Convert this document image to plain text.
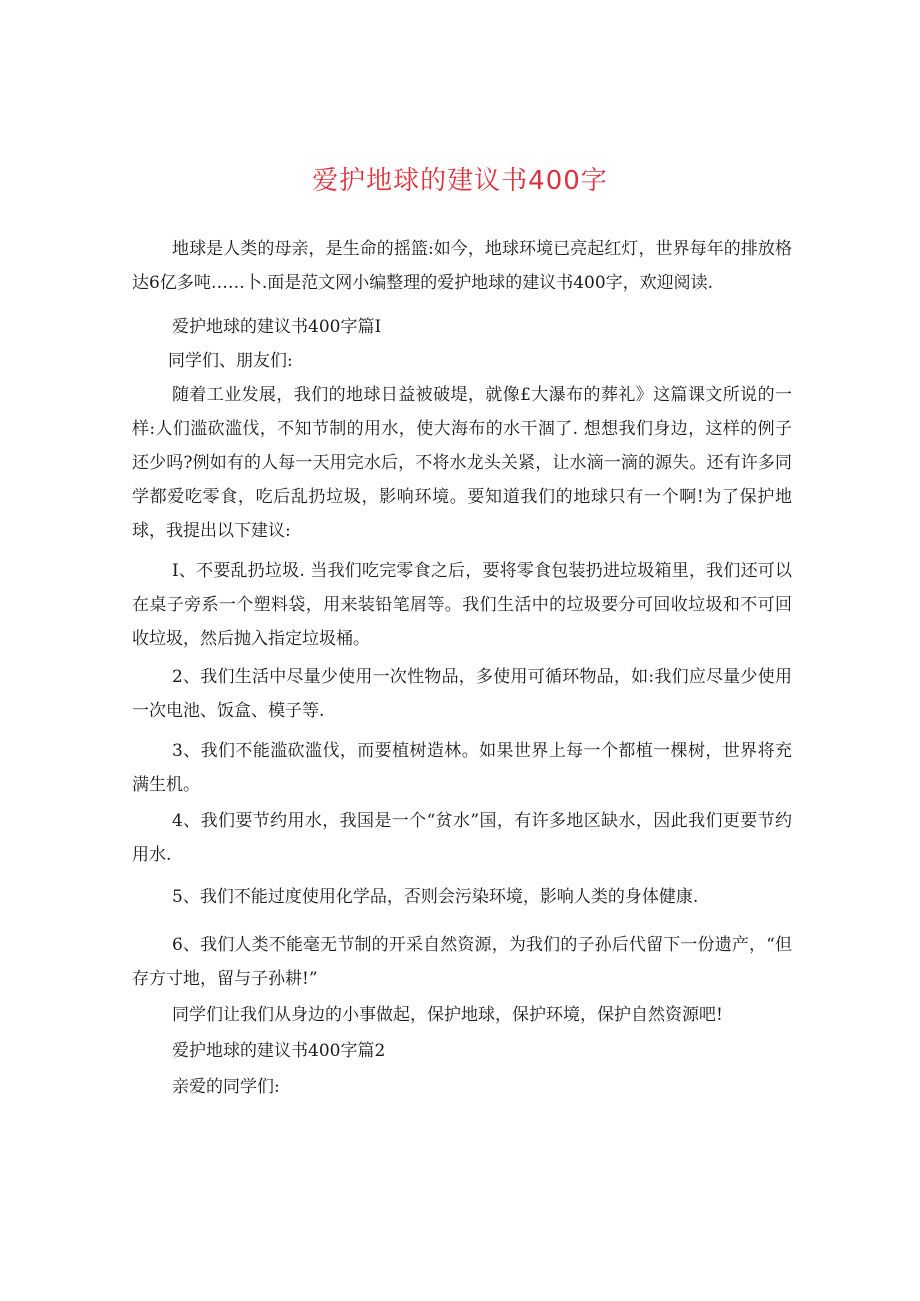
爱护地球的建议书400字

地球是人类的母亲，是生命的摇篮:如今，地球环境已亮起红灯，世界每年的排放格达6亿多吨……卜.面是范文网小编整理的爱护地球的建议书400字，欢迎阅读.

爱护地球的建议书400字篇I

同学们、朋友们:

随着工业发展，我们的地球日益被破堤，就像£大瀑布的葬礼》这篇课文所说的一样:人们滥砍滥伐，不知节制的用水，使大海布的水干涸了. 想想我们身边，这样的例子还少吗?例如有的人每一天用完水后，不将水龙头关紧，让水滴一滴的源失。还有许多同学都爱吃零食，吃后乱扔垃圾，影响环境。要知道我们的地球只有一个啊!为了保护地球，我提出以下建议:

I、不要乱扔垃圾. 当我们吃完零食之后，要将零食包装扔进垃圾箱里，我们还可以在桌子旁系一个塑料袋，用来装铅笔屑等。我们生活中的垃圾要分可回收垃圾和不可回收垃圾，然后抛入指定垃圾桶。

2、我们生活中尽量少使用一次性物品，多使用可循环物品，如:我们应尽量少使用一次电池、饭盒、模子等.

3、我们不能滥砍滥伐，而要植树造林。如果世界上每一个都植一棵树，世界将充满生机。

4、我们要节约用水，我国是一个“贫水”国，有许多地区缺水，因此我们更要节约用水.

5、我们不能过度使用化学品，否则会污染环境，影响人类的身体健康.

6、我们人类不能毫无节制的开采自然资源，为我们的子孙后代留下一份遗产，“但存方寸地，留与子孙耕!”

同学们让我们从身边的小事做起，保护地球，保护环境，保护自然资源吧!

爱护地球的建议书400字篇2

亲爱的同学们:
